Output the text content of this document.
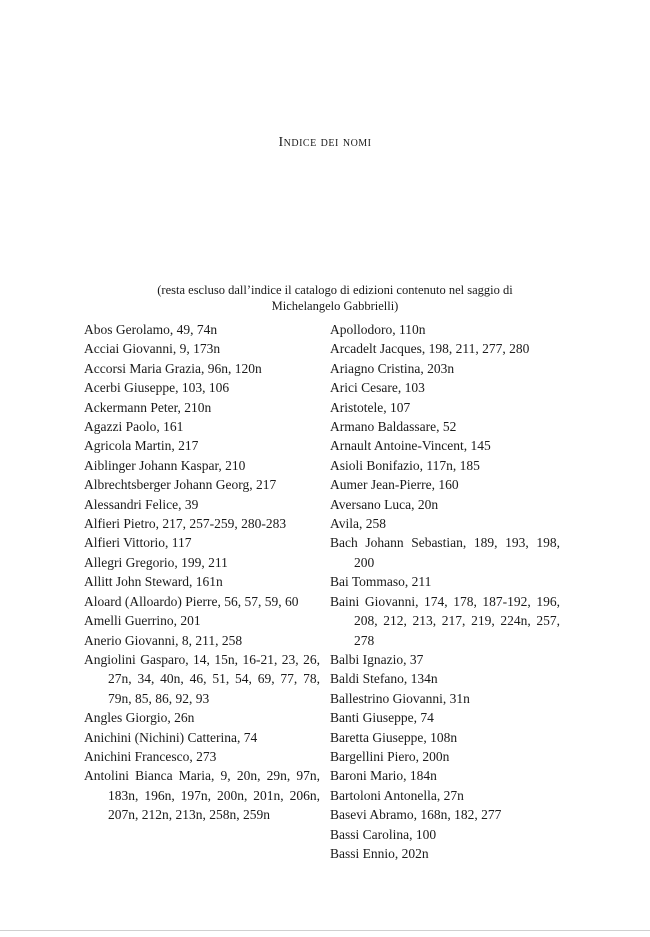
Indice dei nomi
(resta escluso dall’indice il catalogo di edizioni contenuto nel saggio di
Michelangelo Gabbrielli)

Abos Gerolamo, 49, 74n

Acciai Giovanni, 9, 173n

Accorsi Maria Grazia, 96n, 120n

Acerbi Giuseppe, 103, 106

Ackermann Peter, 210n

Agazzi Paolo, 161

Agricola Martin, 217

Aiblinger Johann Kaspar, 210

Albrechtsberger Johann Georg, 217

Alessandri Felice, 39

Alfieri Pietro, 217, 257-259, 280-283

Alfieri Vittorio, 117

Allegri Gregorio, 199, 211

Allitt John Steward, 161n

Aloard (Alloardo) Pierre, 56, 57, 59, 60

Amelli Guerrino, 201

Anerio Giovanni, 8, 211, 258

Angiolini Gasparo, 14, 15n, 16-21, 23, 26, 27n, 34, 40n, 46, 51, 54, 69, 77, 78, 79n, 85, 86, 92, 93

Angles Giorgio, 26n

Anichini (Nichini) Catterina, 74

Anichini Francesco, 273

Antolini Bianca Maria, 9, 20n, 29n, 97n, 183n, 196n, 197n, 200n, 201n, 206n, 207n, 212n, 213n, 258n, 259n

Apollodoro, 110n

Arcadelt Jacques, 198, 211, 277, 280

Ariagno Cristina, 203n

Arici Cesare, 103

Aristotele, 107

Armano Baldassare, 52

Arnault Antoine-Vincent, 145

Asioli Bonifazio, 117n, 185

Aumer Jean-Pierre, 160

Aversano Luca, 20n

Avila, 258

Bach Johann Sebastian, 189, 193, 198, 200

Bai Tommaso, 211

Baini Giovanni, 174, 178, 187-192, 196, 208, 212, 213, 217, 219, 224n, 257, 278

Balbi Ignazio, 37

Baldi Stefano, 134n

Ballestrino Giovanni, 31n

Banti Giuseppe, 74

Baretta Giuseppe, 108n

Bargellini Piero, 200n

Baroni Mario, 184n

Bartoloni Antonella, 27n

Basevi Abramo, 168n, 182, 277

Bassi Carolina, 100

Bassi Ennio, 202n
